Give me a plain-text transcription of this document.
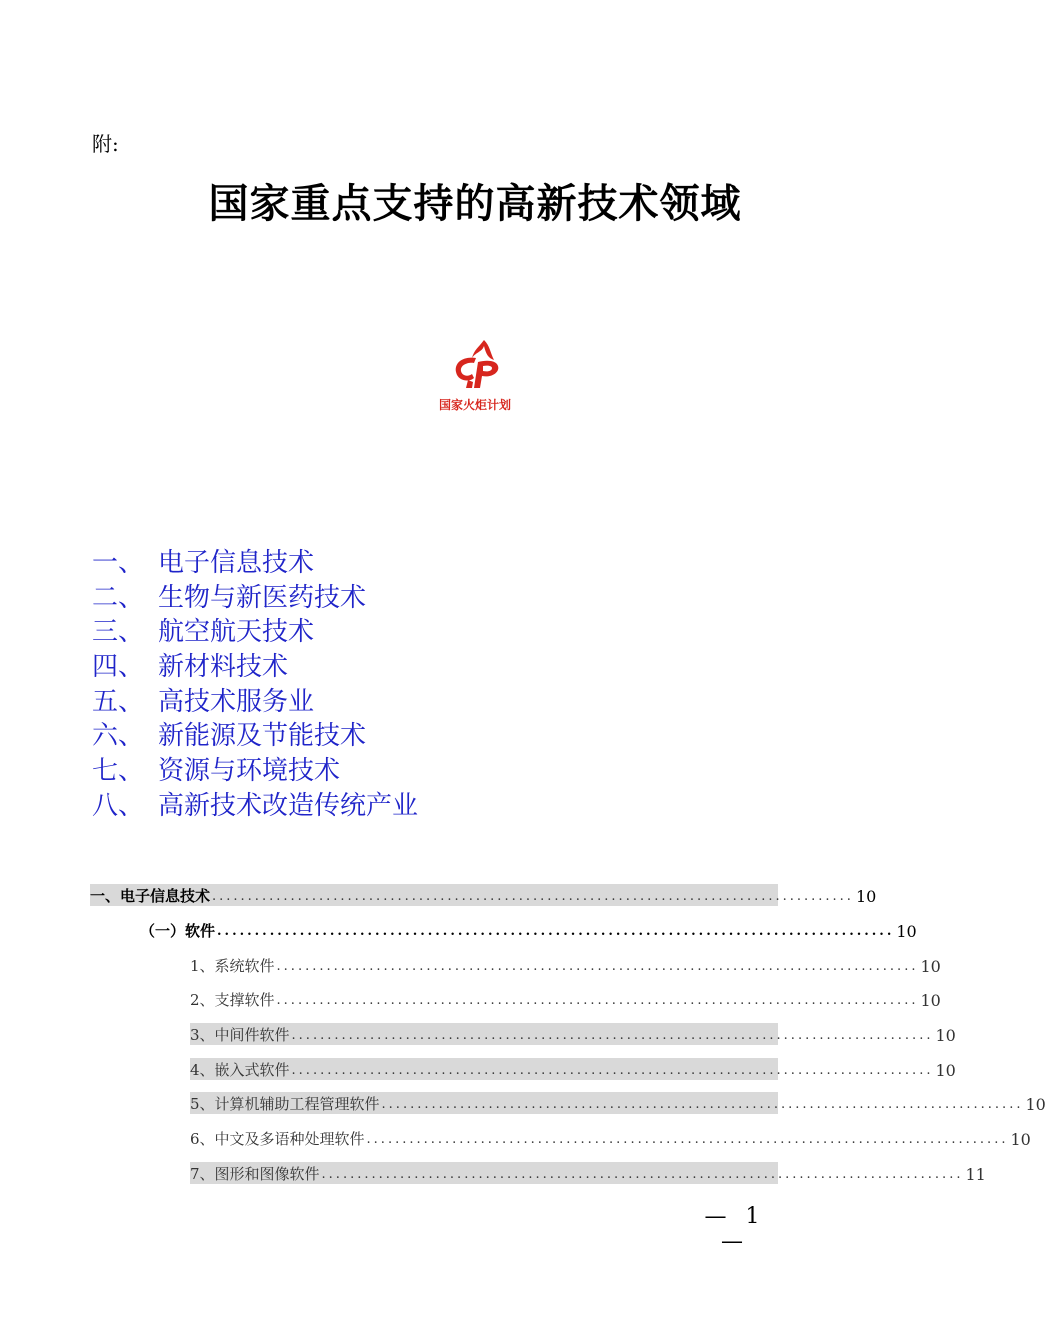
附:
国家重点支持的高新技术领域
国家火炬计划
一、 电子信息技术
二、 生物与新医药技术
三、 航空航天技术
四、 新材料技术
五、 高技术服务业
六、 新能源及节能技术
七、 资源与环境技术
八、 高新技术改造传统产业
一、电子信息技术 .......................................................................................... 10
（一）软件 .......................................................................................... 10
1、系统软件 .......................................................................................... 10
2、支撑软件 .......................................................................................... 10
3、中间件软件 .......................................................................................... 10
4、嵌入式软件 .......................................................................................... 10
5、计算机辅助工程管理软件 .......................................................................................... 10
6、中文及多语种处理软件 .......................................................................................... 10
7、图形和图像软件 .......................................................................................... 11
— 1 —
